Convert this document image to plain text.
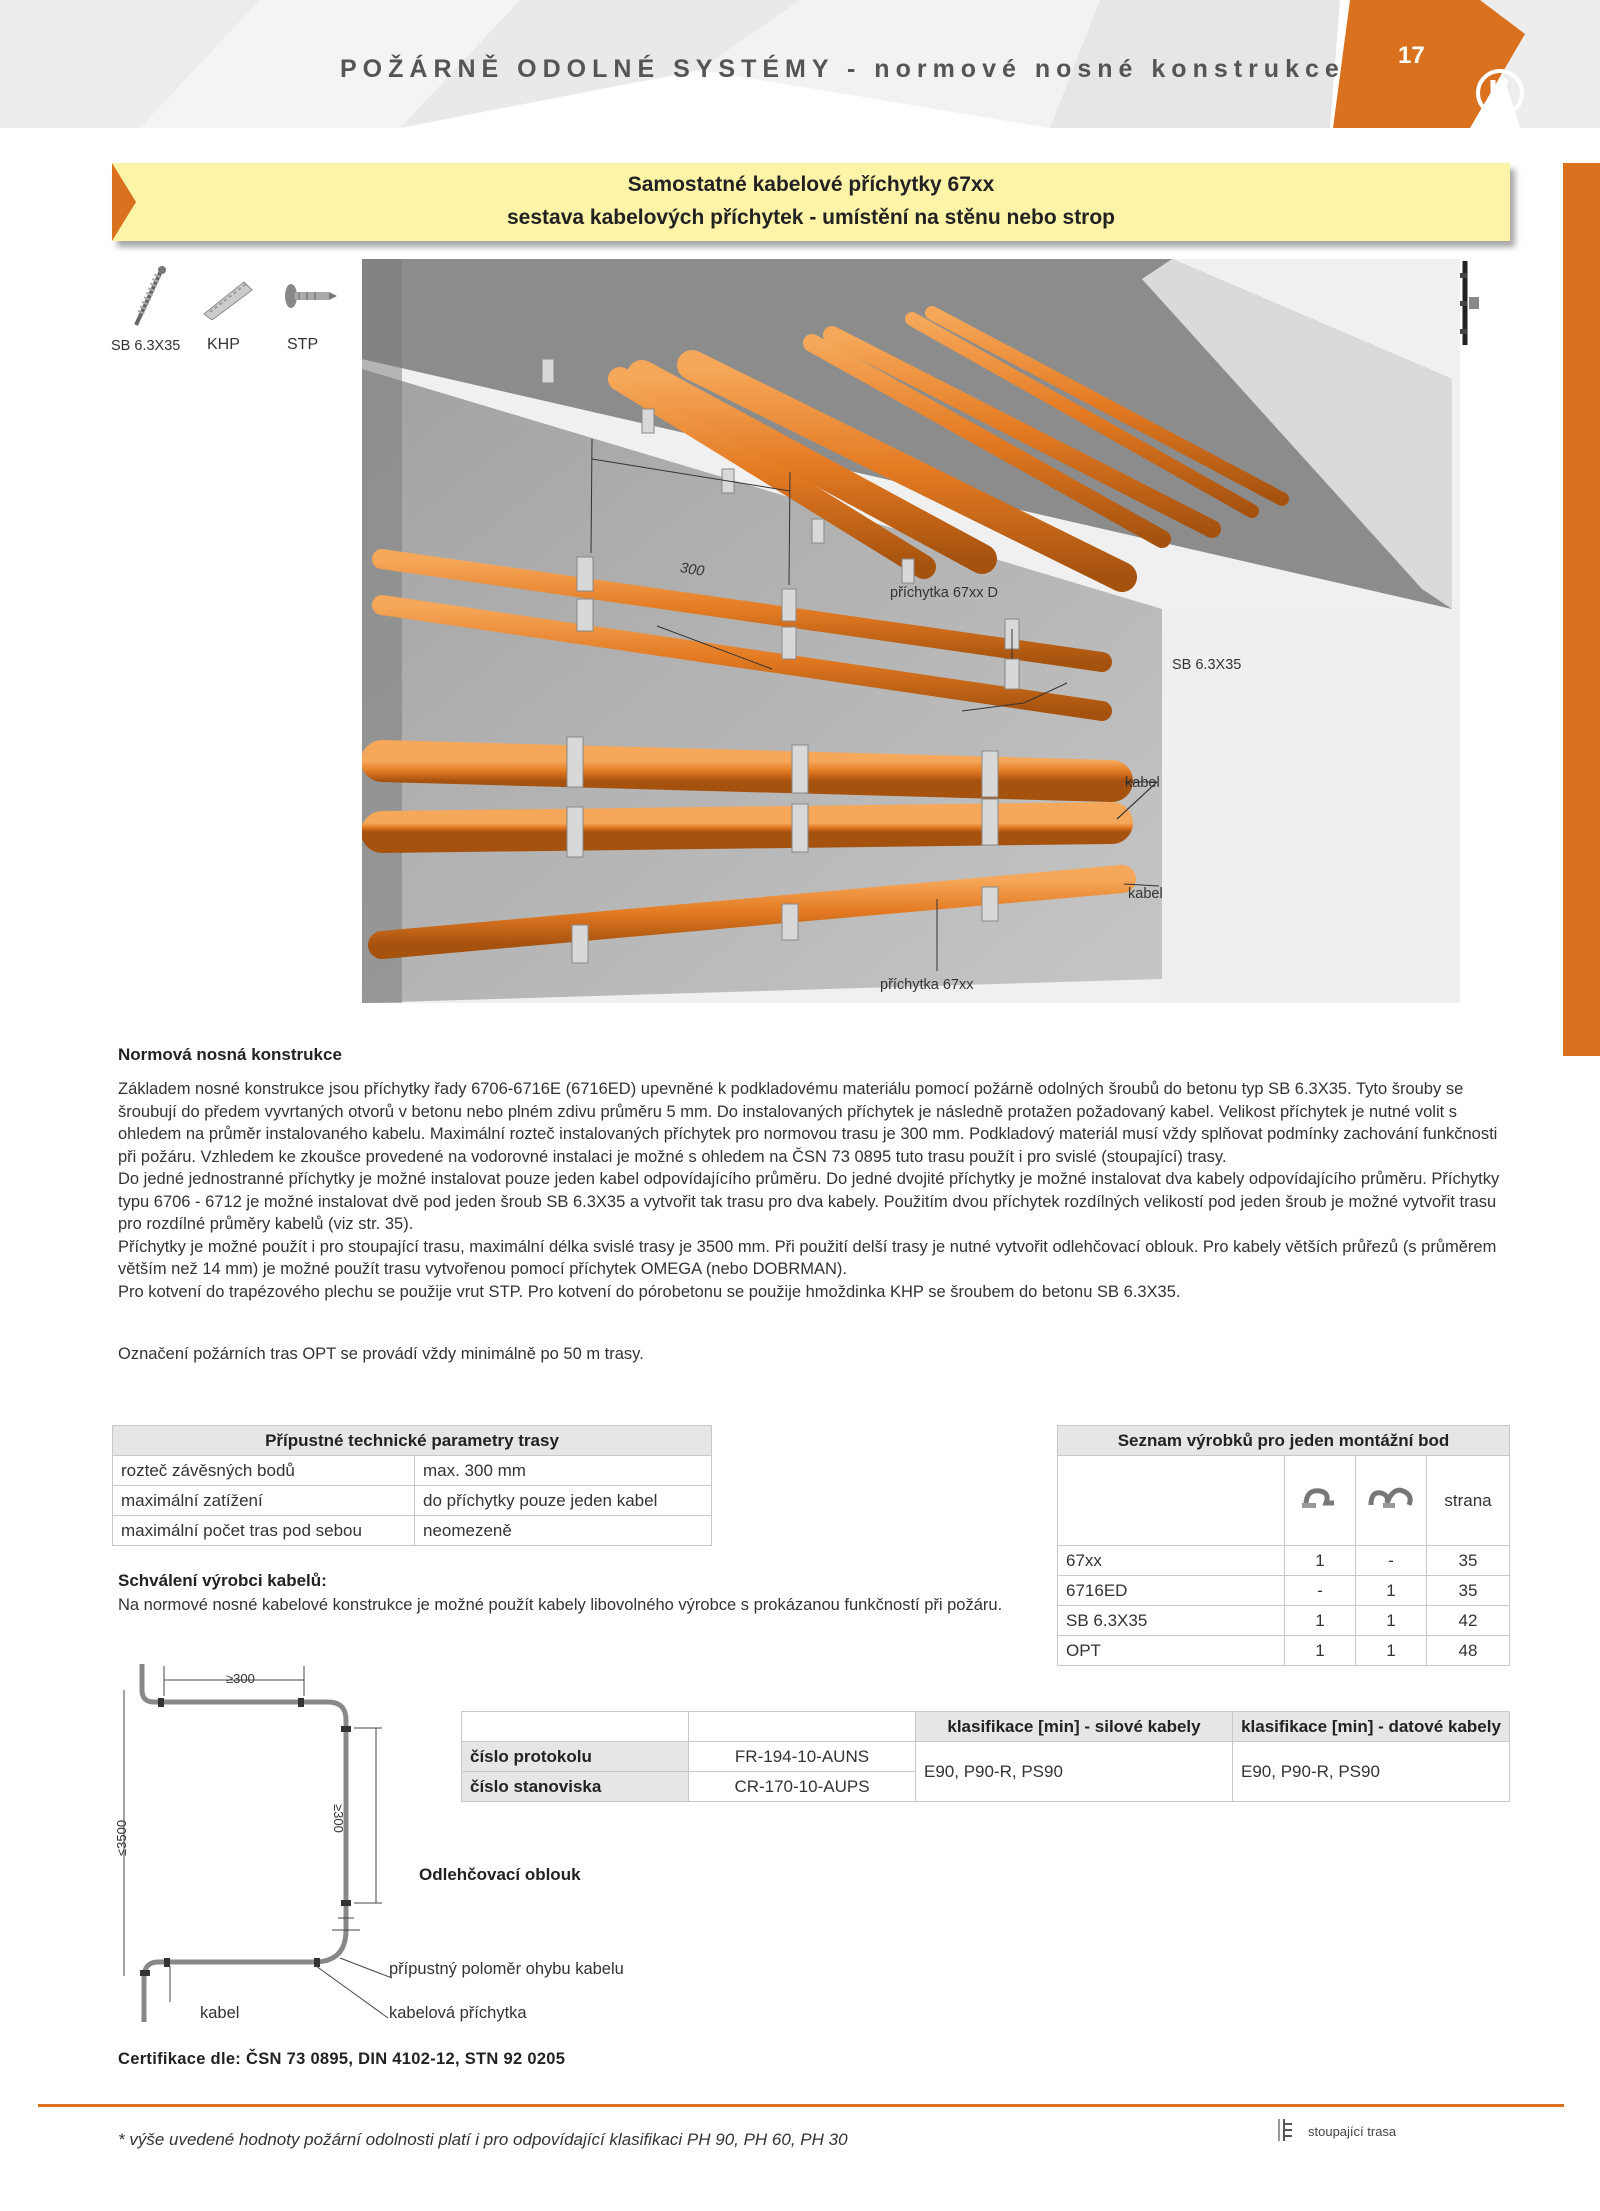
POŽÁRNĚ ODOLNÉ SYSTÉMY - normové nosné konstrukce 17
Samostatné kabelové příchytky 67xx
sestava kabelových příchytek - umístění na stěnu nebo strop
SB 6.3X35 KHP	STP
300
příchytka 67xx D
SB 6.3X35
kabel
kabel
příchytka 67xx
Normová nosná konstrukce

Základem nosné konstrukce jsou příchytky řady 6706-6716E (6716ED) upevněné k podkladovému materiálu pomocí požárně odolných šroubů do betonu typ SB 6.3X35. Tyto šrouby se šroubují do předem vyvrtaných otvorů v betonu nebo plném zdivu průměru 5 mm. Do instalovaných příchytek je následně protažen požadovaný kabel. Velikost příchytek je nutné volit s ohledem na průměr instalovaného kabelu. Maximální rozteč instalovaných příchytek pro normovou trasu je 300 mm. Podkladový materiál musí vždy splňovat podmínky zachování funkčnosti při požáru. Vzhledem ke zkoušce provedené na vodorovné instalaci je možné s ohledem na ČSN 73 0895 tuto trasu použít i pro svislé (stoupající) trasy.

Do jedné jednostranné příchytky je možné instalovat pouze jeden kabel odpovídajícího průměru. Do jedné dvojité příchytky je možné instalovat dva kabely odpovídajícího průměru. Příchytky typu 6706 - 6712 je možné instalovat dvě pod jeden šroub SB 6.3X35 a vytvořit tak trasu pro dva kabely. Použitím dvou příchytek rozdílných velikostí pod jeden šroub je možné vytvořit trasu pro rozdílné průměry kabelů (viz str. 35).

Příchytky je možné použít i pro stoupající trasu, maximální délka svislé trasy je 3500 mm. Při použití delší trasy je nutné vytvořit odlehčovací oblouk. Pro kabely větších průřezů (s průměrem větším než 14 mm) je možné použít trasu vytvořenou pomocí příchytek OMEGA (nebo DOBRMAN).

Pro kotvení do trapézového plechu se použije vrut STP. Pro kotvení do pórobetonu se použije hmoždinka KHP se šroubem do betonu SB 6.3X35.

Označení požárních tras OPT se provádí vždy minimálně po 50 m trasy.
Přípustné technické parametry trasy	
rozteč závěsných bodů	max. 300 mm
maximální zatížení	do příchytky pouze jeden kabel
maximální počet tras pod sebou	neomezeně
Seznam výrobků pro jeden montážní bod			
			strana
67xx	1	-	35
6716ED	-	1	35
SB 6.3X35	1	1	42
OPT	1	1	48
Schválení výrobci kabelů:
Na normové nosné kabelové konstrukce je možné použít kabely libovolného výrobce s prokázanou funkčností při požáru.
		klasifikace [min] - silové kabely	klasifikace [min] - datové kabely
číslo protokolu	FR-194-10-AUNS	E90, P90-R, PS90	E90, P90-R, PS90
číslo stanoviska	CR-170-10-AUPS		
≥300
≥300
≤3500
Odlehčovací oblouk
přípustný poloměr ohybu kabelu
kabel	kabelová příchytka
Certifikace dle: ČSN 73 0895, DIN 4102-12, STN 92 0205
* výše uvedené hodnoty požární odolnosti platí i pro odpovídající klasifikaci PH 90, PH 60, PH 30	stoupající trasa
